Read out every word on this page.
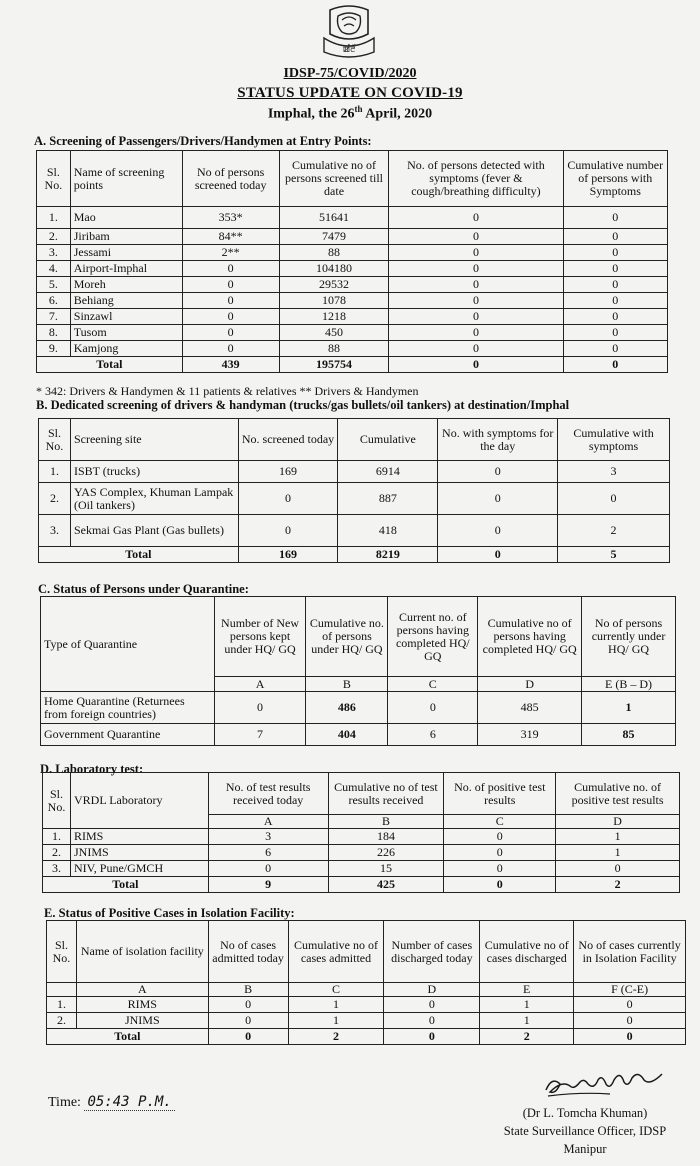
ꯀꯪꯂꯩ
IDSP-75/COVID/2020
STATUS UPDATE ON COVID-19
Imphal, the 26th April, 2020
A. Screening of Passengers/Drivers/Handymen at Entry Points:
Sl. No.	Name of screening points	No of persons screened today	Cumulative no of persons screened till date	No. of persons detected with symptoms (fever & cough/breathing difficulty)	Cumulative number of persons with Symptoms
1.	Mao	353*	51641	0	0
2.	Jiribam	84**	7479	0	0
3.	Jessami	2**	88	0	0
4.	Airport-Imphal	0	104180	0	0
5.	Moreh	0	29532	0	0
6.	Behiang	0	1078	0	0
7.	Sinzawl	0	1218	0	0
8.	Tusom	0	450	0	0
9.	Kamjong	0	88	0	0
Total		439	195754	0	0
* 342: Drivers & Handymen & 11 patients & relatives ** Drivers & Handymen
B. Dedicated screening of drivers & handyman (trucks/gas bullets/oil tankers) at destination/Imphal
Sl. No.	Screening site	No. screened today	Cumulative	No. with symptoms for the day	Cumulative with symptoms
1.	ISBT (trucks)	169	6914	0	3
2.	YAS Complex, Khuman Lampak (Oil tankers)	0	887	0	0
3.	Sekmai Gas Plant (Gas bullets)	0	418	0	2
Total		169	8219	0	5
C. Status of Persons under Quarantine:
Type of Quarantine	Number of New persons kept under HQ/ GQ	Cumulative no. of persons under HQ/ GQ	Current no. of persons having completed HQ/ GQ	Cumulative no of persons having completed HQ/ GQ	No of persons currently under HQ/ GQ
	A	B	C	D	E (B – D)
Home Quarantine (Returnees from foreign countries)	0	486	0	485	1
Government Quarantine	7	404	6	319	85
D. Laboratory test:
Sl. No.	VRDL Laboratory	No. of test results received today	Cumulative no of test results received	No. of positive test results	Cumulative no. of positive test results
		A	B	C	D
1.	RIMS	3	184	0	1
2.	JNIMS	6	226	0	1
3.	NIV, Pune/GMCH	0	15	0	0
Total		9	425	0	2
E. Status of Positive Cases in Isolation Facility:
Sl. No.	Name of isolation facility	No of cases admitted today	Cumulative no of cases admitted	Number of cases discharged today	Cumulative no of cases discharged	No of cases currently in Isolation Facility
	A	B	C	D	E	F (C-E)
1.	RIMS	0	1	0	1	0
2.	JNIMS	0	1	0	1	0
Total		0	2	0	2	0
Time: 05:43 P.M.
(Dr L. Tomcha Khuman)
State Surveillance Officer, IDSP
Manipur
